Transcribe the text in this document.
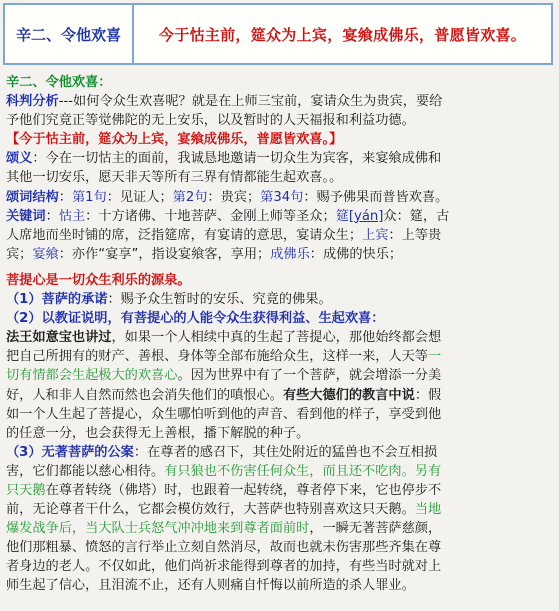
辛二、令他欢喜	今于怙主前，筵众为上宾，宴飨成佛乐，普愿皆欢喜。
辛二、令他欢喜：
科判分析---如何令众生欢喜呢？就是在上师三宝前，宴请众生为贵宾，要给
予他们究竟正等觉佛陀的无上安乐，以及暂时的人天福报和利益功德。
【今于怙主前，筵众为上宾，宴飨成佛乐，普愿皆欢喜。】
颂义：今在一切怙主的面前，我诚恳地邀请一切众生为宾客，来宴飨成佛和
其他一切安乐，愿天非天等所有三界有情都能生起欢喜。。
颂词结构：第1句：见证人；第2句：贵宾；第34句：赐予佛果而普皆欢喜。
关键词：怙主：十方诸佛、十地菩萨、金刚上师等圣众；筵[yán]众：筵，古
人席地而坐时铺的席，泛指筵席，有宴请的意思，宴请众生；上宾：上等贵
宾；宴飨：亦作“宴享”，指设宴飨客，享用；成佛乐：成佛的快乐；
菩提心是一切众生利乐的源泉。
（1）菩萨的承诺：赐予众生暂时的安乐、究竟的佛果。
（2）以教证说明，有菩提心的人能令众生获得利益、生起欢喜：
法王如意宝也讲过，如果一个人相续中真的生起了菩提心，那他始终都会想
把自己所拥有的财产、善根、身体等全部布施给众生，这样一来，人天等一
切有情都会生起极大的欢喜心。因为世界中有了一个菩萨，就会增添一分美
好，人和非人自然而然也会消失他们的嗔恨心。有些大德们的教言中说：假
如一个人生起了菩提心，众生哪怕听到他的声音、看到他的样子，享受到他
的任意一分，也会获得无上善根，播下解脱的种子。
（3）无著菩萨的公案：在尊者的感召下，其住处附近的猛兽也不会互相损
害，它们都能以慈心相待。有只狼也不伤害任何众生，而且还不吃肉。另有
只天鹅在尊者转绕（佛塔）时，也跟着一起转绕，尊者停下来，它也停步不
前，无论尊者干什么，它都会模仿效行，大菩萨也特别喜欢这只天鹅。当地
爆发战争后，当大队士兵怒气冲冲地来到尊者面前时，一瞬无著菩萨慈颜，
他们那粗暴、愤怒的言行举止立刻自然消尽，故而也就未伤害那些齐集在尊
者身边的老人。不仅如此，他们尚祈求能得到尊者的加持，有些当时就对上
师生起了信心，且泪流不止，还有人则痛自忏悔以前所造的杀人罪业。
